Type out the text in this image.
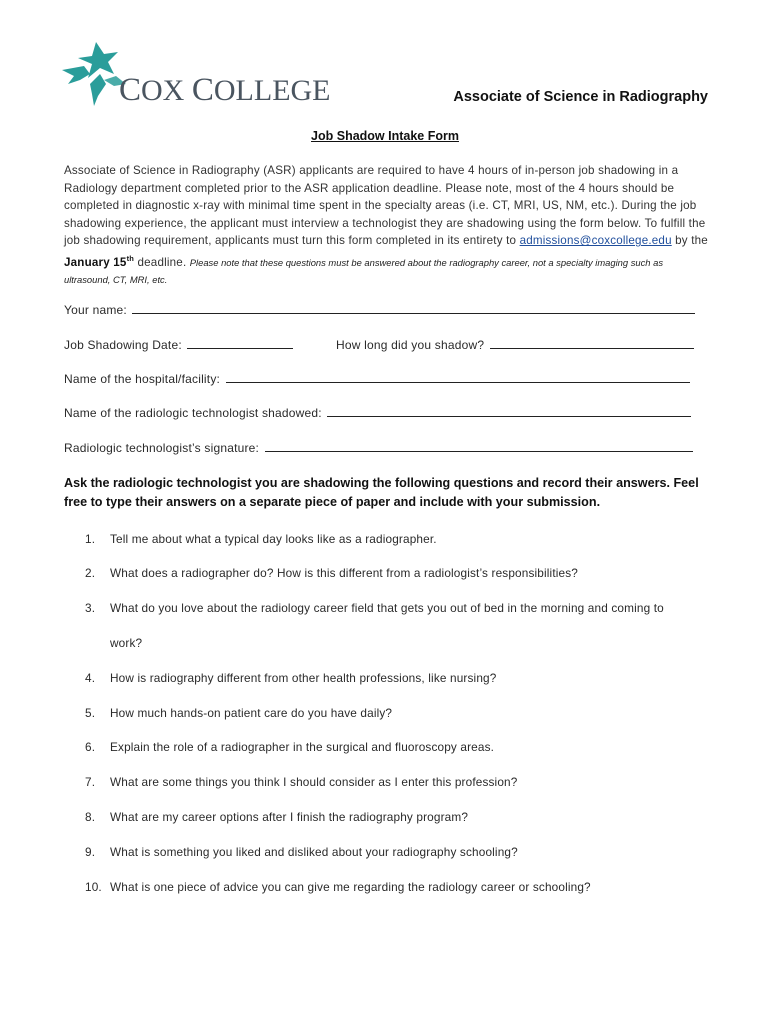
COX COLLEGE	Associate of Science in Radiography
Job Shadow Intake Form
Associate of Science in Radiography (ASR) applicants are required to have 4 hours of in-person job shadowing in a Radiology department completed prior to the ASR application deadline. Please note, most of the 4 hours should be completed in diagnostic x-ray with minimal time spent in the specialty areas (i.e. CT, MRI, US, NM, etc.). During the job shadowing experience, the applicant must interview a technologist they are shadowing using the form below. To fulfill the job shadowing requirement, applicants must turn this form completed in its entirety to admissions@coxcollege.edu by the January 15th deadline. Please note that these questions must be answered about the radiography career, not a specialty imaging such as ultrasound, CT, MRI, etc.
Your name:
Job Shadowing Date:	How long did you shadow?
Name of the hospital/facility:
Name of the radiologic technologist shadowed:
Radiologic technologist’s signature:
Ask the radiologic technologist you are shadowing the following questions and record their answers. Feel free to type their answers on a separate piece of paper and include with your submission.
1. Tell me about what a typical day looks like as a radiographer.
2. What does a radiographer do? How is this different from a radiologist’s responsibilities?
3. What do you love about the radiology career field that gets you out of bed in the morning and coming to
work?
4. How is radiography different from other health professions, like nursing?
5. How much hands-on patient care do you have daily?
6. Explain the role of a radiographer in the surgical and fluoroscopy areas.
7. What are some things you think I should consider as I enter this profession?
8. What are my career options after I finish the radiography program?
9. What is something you liked and disliked about your radiography schooling?
10. What is one piece of advice you can give me regarding the radiology career or schooling?
